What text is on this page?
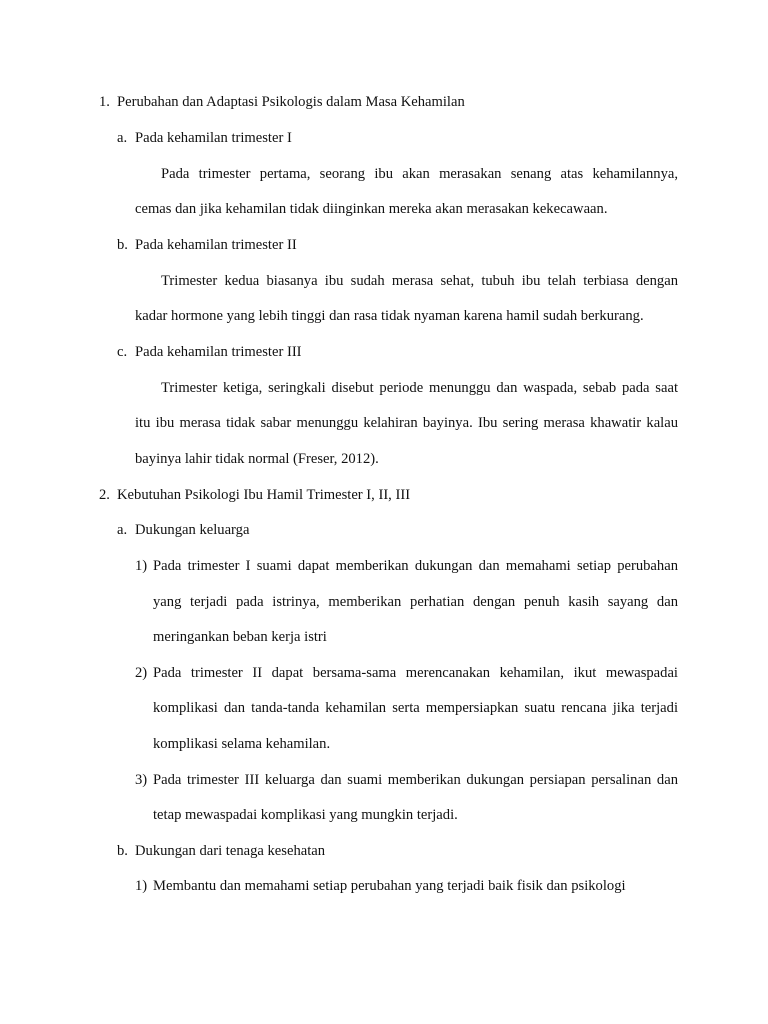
1. Perubahan dan Adaptasi Psikologis dalam Masa Kehamilan
a. Pada kehamilan trimester I
Pada trimester pertama, seorang ibu akan merasakan senang atas kehamilannya,
cemas dan jika kehamilan tidak diinginkan mereka akan merasakan kekecawaan.
b. Pada kehamilan trimester II
Trimester kedua biasanya ibu sudah merasa sehat, tubuh ibu telah terbiasa dengan
kadar hormone yang lebih tinggi dan rasa tidak nyaman karena hamil sudah berkurang.
c. Pada kehamilan trimester III
Trimester ketiga, seringkali disebut periode menunggu dan waspada, sebab pada saat
itu ibu merasa tidak sabar menunggu kelahiran bayinya. Ibu sering merasa khawatir kalau
bayinya lahir tidak normal (Freser, 2012).
2. Kebutuhan Psikologi Ibu Hamil Trimester I, II, III
a. Dukungan keluarga
1) Pada trimester I suami dapat memberikan dukungan dan memahami setiap perubahan
yang terjadi pada istrinya, memberikan perhatian dengan penuh kasih sayang dan
meringankan beban kerja istri
2) Pada trimester II dapat bersama-sama merencanakan kehamilan, ikut mewaspadai
komplikasi dan tanda-tanda kehamilan serta mempersiapkan suatu rencana jika terjadi
komplikasi selama kehamilan.
3) Pada trimester III keluarga dan suami memberikan dukungan persiapan persalinan dan
tetap mewaspadai komplikasi yang mungkin terjadi.
b. Dukungan dari tenaga kesehatan
1) Membantu dan memahami setiap perubahan yang terjadi baik fisik dan psikologi
